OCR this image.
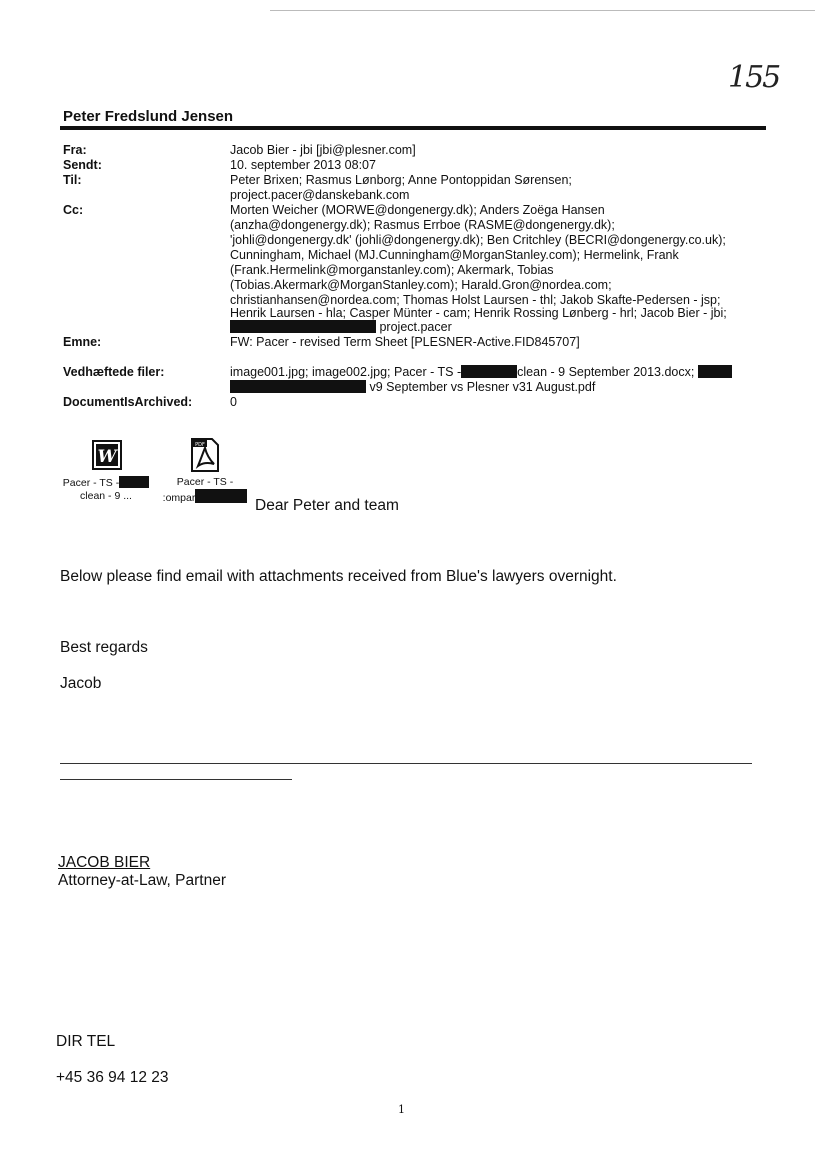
155
Peter Fredslund Jensen
Fra:
Sendt:
Til:
Cc:
Emne:
Vedhæftede filer:
DocumentIsArchived:
Jacob Bier - jbi [jbi@plesner.com]
10. september 2013 08:07
Peter Brixen; Rasmus Lønborg; Anne Pontoppidan Sørensen;
project.pacer@danskebank.com
Morten Weicher (MORWE@dongenergy.dk); Anders Zoëga Hansen
(anzha@dongenergy.dk); Rasmus Errboe (RASME@dongenergy.dk);
'johli@dongenergy.dk' (johli@dongenergy.dk); Ben Critchley (BECRI@dongenergy.co.uk);
Cunningham, Michael (MJ.Cunningham@MorganStanley.com); Hermelink, Frank
(Frank.Hermelink@morganstanley.com); Akermark, Tobias
(Tobias.Akermark@MorganStanley.com); Harald.Gron@nordea.com;
christianhansen@nordea.com; Thomas Holst Laursen - thl; Jakob Skafte-Pedersen - jsp;
Henrik Laursen - hla; Casper Münter - cam; Henrik Rossing Lønberg - hrl; Jacob Bier - jbi;
project.pacer
FW: Pacer - revised Term Sheet [PLESNER-Active.FID845707]
image001.jpg; image002.jpg; Pacer - TS -	clean - 9 September 2013.docx;
v9 September vs Plesner v31 August.pdf
0
W
PDF
Pacer - TS -
clean - 9 ...
Pacer - TS -
:ompar	Dear Peter and team
Below please find email with attachments received from Blue's lawyers overnight.
Best regards
Jacob
JACOB BIER
Attorney-at-Law, Partner
DIR TEL
+45 36 94 12 23
1
